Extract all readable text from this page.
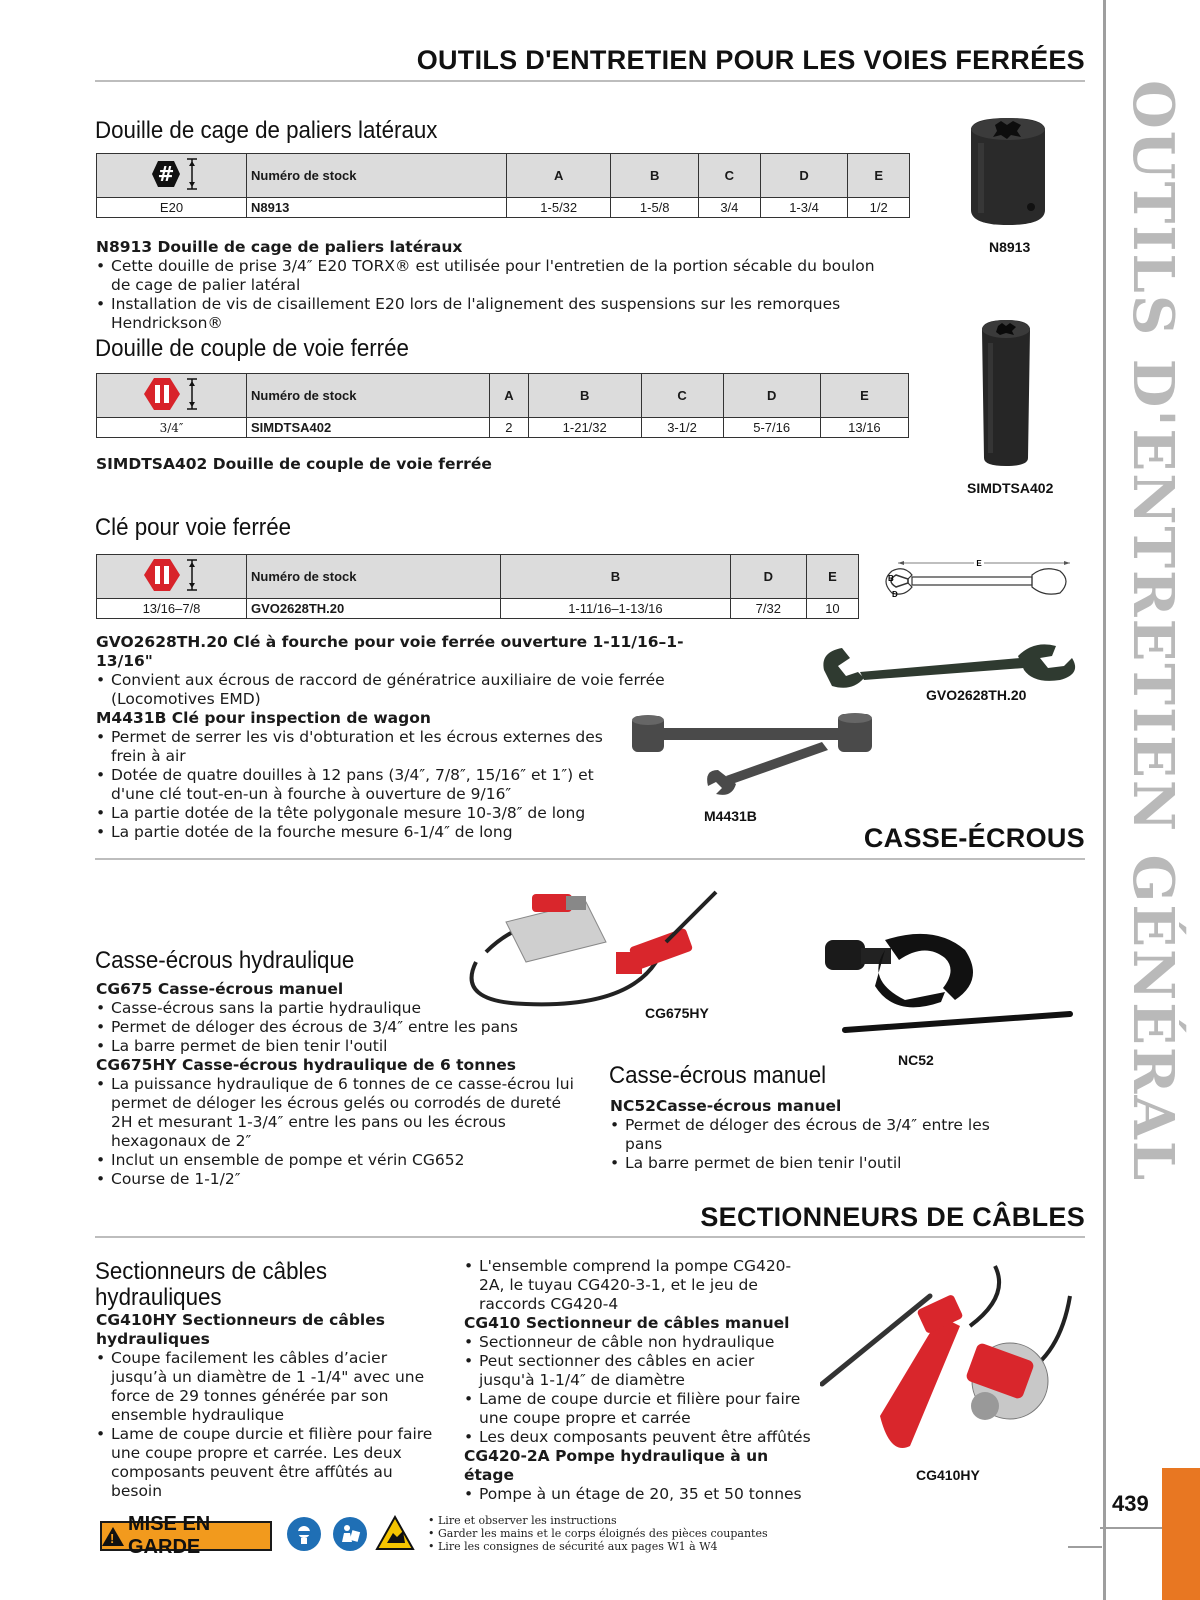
OUTILS D'ENTRETIEN GÉNÉRAL
OUTILS D'ENTRETIEN POUR LES VOIES FERRÉES
Douille de cage de paliers latéraux
#	Numéro de stock	A	B	C	D	E
E20	N8913	1-5/32	1-5/8	3/4	1-3/4	1/2
N8913 Douille de cage de paliers latéraux
• Cette douille de prise 3/4″ E20 TORX® est utilisée pour l'entretien de la portion sécable du boulon de cage de palier latéral
• Installation de vis de cisaillement E20 lors de l'alignement des suspensions sur les remorques Hendrickson®
N8913
Douille de couple de voie ferrée
	Numéro de stock	A	B	C	D	E
3/4″	SIMDTSA402	2	1-21/32	3-1/2	5-7/16	13/16
SIMDTSA402 Douille de couple de voie ferrée
SIMDTSA402
Clé pour voie ferrée
	Numéro de stock	B	D	E
13/16–7/8	GVO2628TH.20	1-11/16–1-13/16	7/32	10
E
B
D
GVO2628TH.20 Clé à fourche pour voie ferrée ouverture 1-11/16–1-13/16"
• Convient aux écrous de raccord de génératrice auxiliaire de voie ferrée (Locomotives EMD)
M4431B Clé pour inspection de wagon
• Permet de serrer les vis d'obturation et les écrous externes des frein à air
• Dotée de quatre douilles à 12 pans (3/4″, 7/8″, 15/16″ et 1″) et d'une clé tout-en-un à fourche à ouverture de 9/16″
• La partie dotée de la tête polygonale mesure 10-3/8″ de long
• La partie dotée de la fourche mesure 6-1/4″ de long
GVO2628TH.20
M4431B
CASSE-ÉCROUS
CG675HY
NC52
Casse-écrous hydraulique
CG675 Casse-écrous manuel
• Casse-écrous sans la partie hydraulique
• Permet de déloger des écrous de 3/4″ entre les pans
• La barre permet de bien tenir l'outil
CG675HY Casse-écrous hydraulique de 6 tonnes
• La puissance hydraulique de 6 tonnes de ce casse-écrou lui permet de déloger les écrous gelés ou corrodés de dureté 2H et mesurant 1-3/4″ entre les pans ou les écrous hexagonaux de 2″
• Inclut un ensemble de pompe et vérin CG652
• Course de 1-1/2″
Casse-écrous manuel
NC52Casse-écrous manuel
• Permet de déloger des écrous de 3/4″ entre les pans
• La barre permet de bien tenir l'outil
SECTIONNEURS DE CÂBLES
Sectionneurs de câbles
hydrauliques
CG410HY Sectionneurs de câbles hydrauliques
• Coupe facilement les câbles d’acier jusqu’à un diamètre de 1 -1/4" avec une force de 29 tonnes générée par son ensemble hydraulique
• Lame de coupe durcie et filière pour faire une coupe propre et carrée. Les deux composants peuvent être affûtés au besoin
• L'ensemble comprend la pompe CG420-2A, le tuyau CG420-3-1, et le jeu de raccords CG420-4
CG410 Sectionneur de câbles manuel
• Sectionneur de câble non hydraulique
• Peut sectionner des câbles en acier jusqu'à 1-1/4″ de diamètre
• Lame de coupe durcie et filière pour faire une coupe propre et carrée
• Les deux composants peuvent être affûtés
CG420-2A Pompe hydraulique à un étage
• Pompe à un étage de 20, 35 et 50 tonnes
CG410HY
439
!
MISE EN GARDE
• Lire et observer les instructions
• Garder les mains et le corps éloignés des pièces coupantes
• Lire les consignes de sécurité aux pages W1 à W4
